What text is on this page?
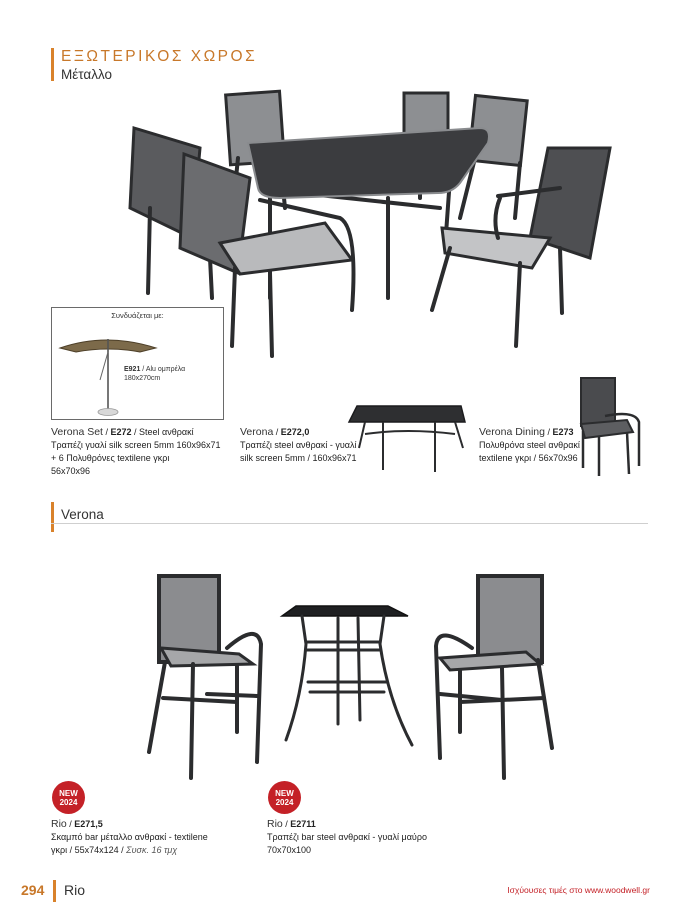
ΕΞΩΤΕΡΙΚΟΣ ΧΩΡΟΣ
Μέταλλο
Συνδυάζεται με:
E921 / Alu ομπρέλα
180x270cm
Verona Set / E272 / Steel ανθρακί
Τραπέζι γυαλί silk screen 5mm 160x96x71
+ 6 Πολυθρόνες textilene γκρι
56x70x96
Verona / E272,0
Τραπέζι steel ανθρακί - γυαλί
silk screen 5mm / 160x96x71
Verona Dining / E273
Πολυθρόνα steel ανθρακί
textilene γκρι / 56x70x96
Verona
NEW
2024
Rio / E271,5
Σκαμπό bar μέταλλο ανθρακί - textilene
γκρι / 55x74x124 / Συσκ. 16 τμχ
NEW
2024
Rio / E2711
Τραπέζι bar steel ανθρακί - γυαλί μαύρο
70x70x100
294 Rio	Ισχύουσες τιμές στο www.woodwell.gr
